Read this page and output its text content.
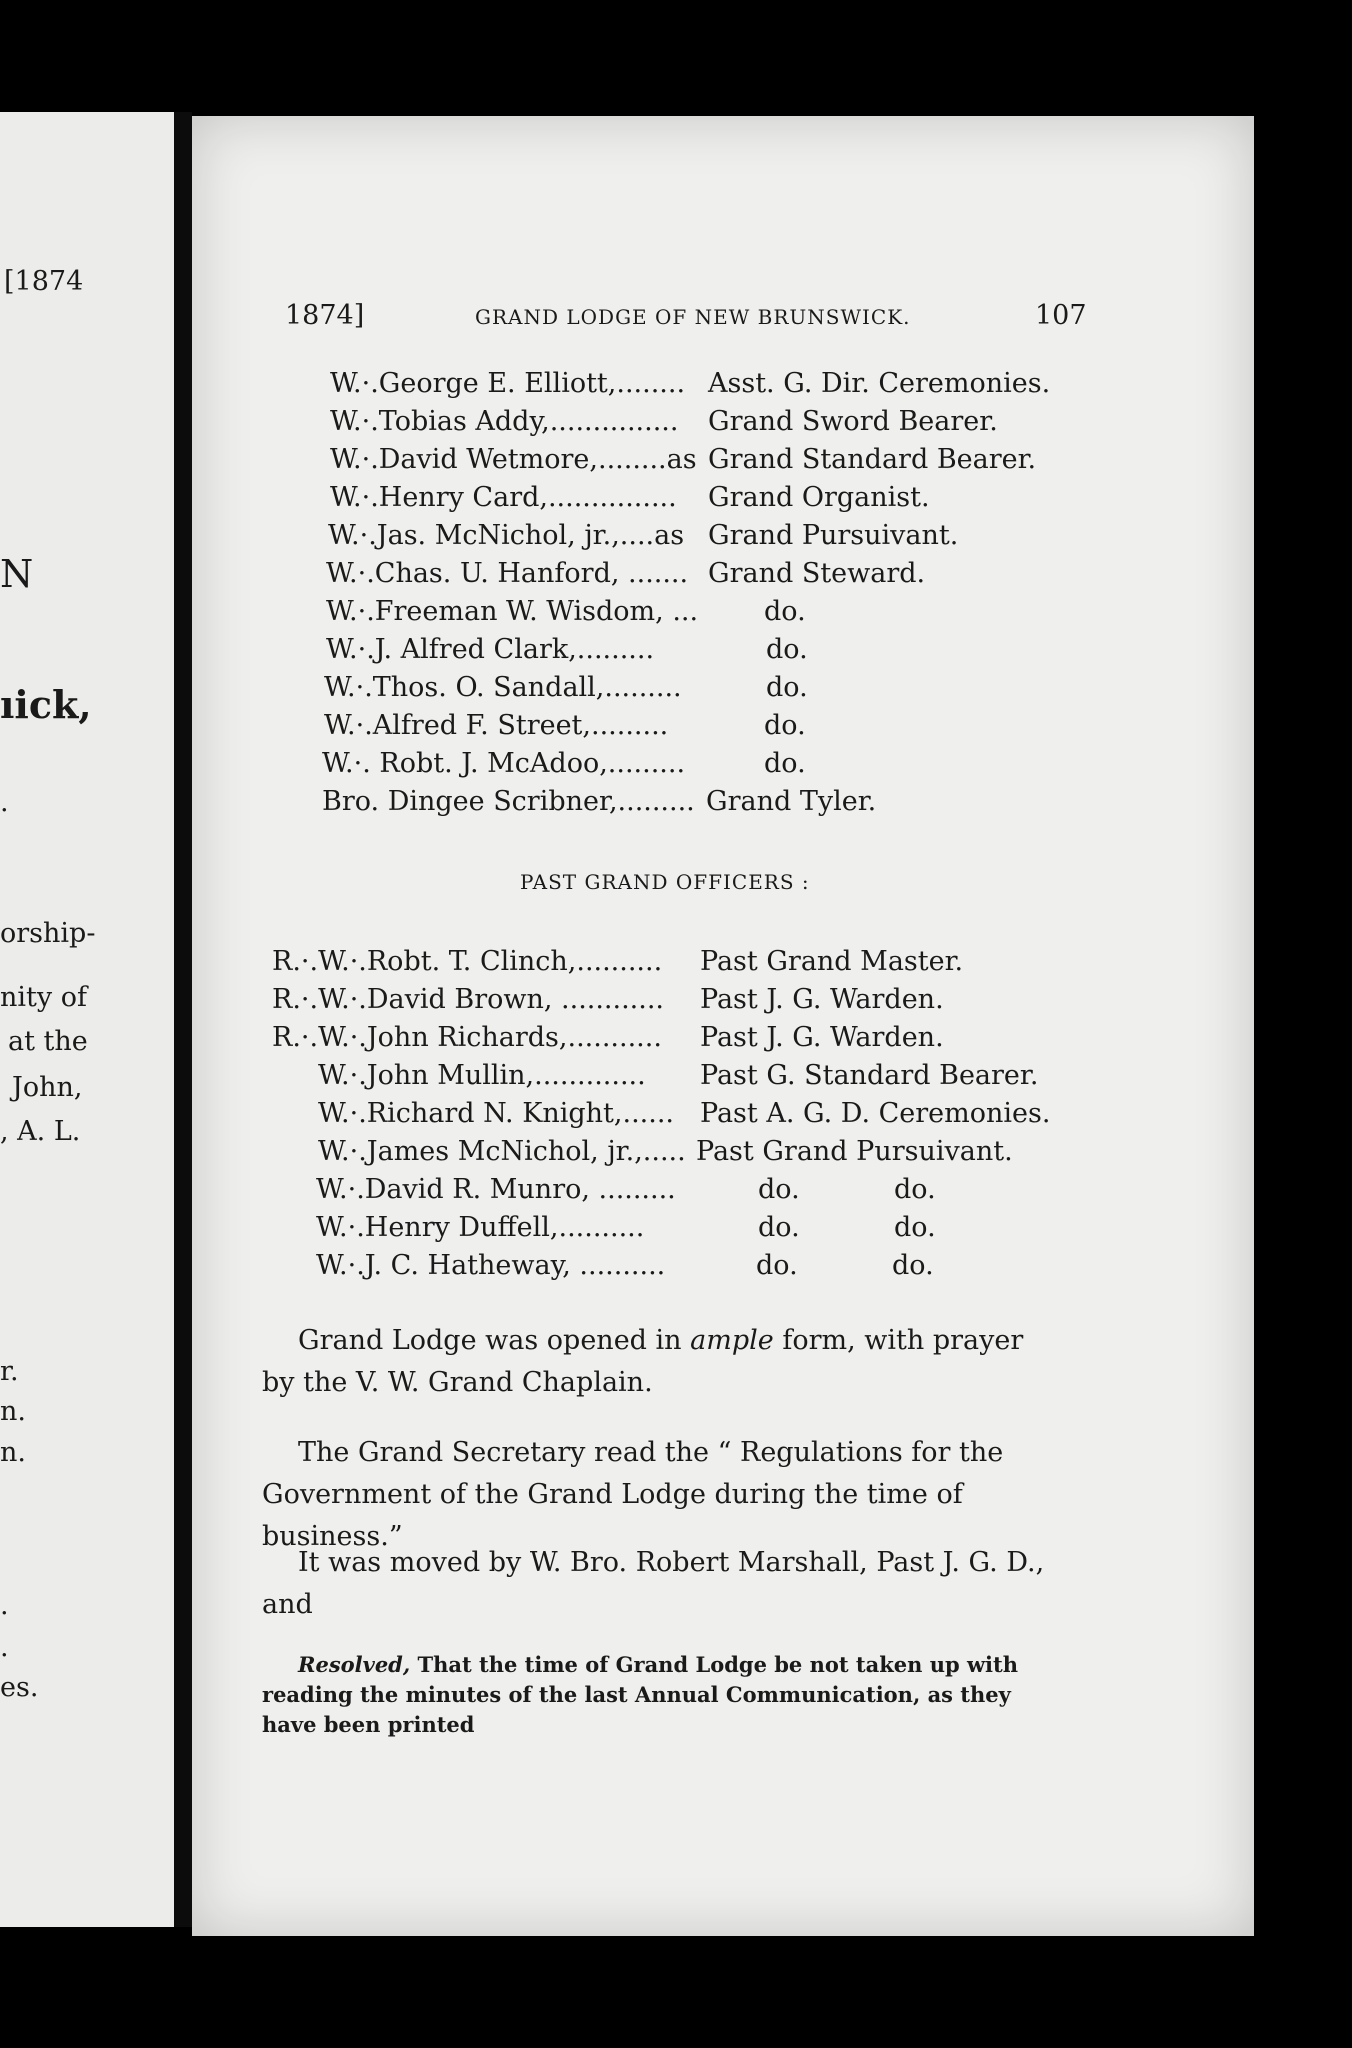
[1874
N
ıick,
.
orship-
nity of
at the
John,
, A. L.
r.
n.
n.
.
.
es.
1874]	GRAND LODGE OF NEW BRUNSWICK.	107
W.·.George E. Elliott,........ Asst. G. Dir. Ceremonies.
W.·.Tobias Addy,............... Grand Sword Bearer.
W.·.David Wetmore,........as Grand Standard Bearer.
W.·.Henry Card,............... Grand Organist.
W.·.Jas. McNichol, jr.,....as Grand Pursuivant.
W.·.Chas. U. Hanford, ....... Grand Steward.
W.·.Freeman W. Wisdom, ... do.
W.·.J. Alfred Clark,.........	do.
W.·.Thos. O. Sandall,.........	do.
W.·.Alfred F. Street,.........	do.
W.·. Robt. J. McAdoo,.........	do.
Bro. Dingee Scribner,......... Grand Tyler.
PAST GRAND OFFICERS :
R.·.W.·.Robt. T. Clinch,.......... Past Grand Master.
R.·.W.·.David Brown, ............ Past J. G. Warden.
R.·.W.·.John Richards,........... Past J. G. Warden.
W.·.John Mullin,............. Past G. Standard Bearer.
W.·.Richard N. Knight,...... Past A. G. D. Ceremonies.
W.·.James McNichol, jr.,..... Past Grand Pursuivant.
W.·.David R. Munro, .........	do.	do.
W.·.Henry Duffell,..........	do.	do.
W.·.J. C. Hatheway, ..........	do.	do.
Grand Lodge was opened in ample form, with prayer by the V. W. Grand Chaplain.
The Grand Secretary read the “ Regulations for the Government of the Grand Lodge during the time of business.”
It was moved by W. Bro. Robert Marshall, Past J. G. D., and
Resolved, That the time of Grand Lodge be not taken up with reading the minutes of the last Annual Communication, as they have been printed
